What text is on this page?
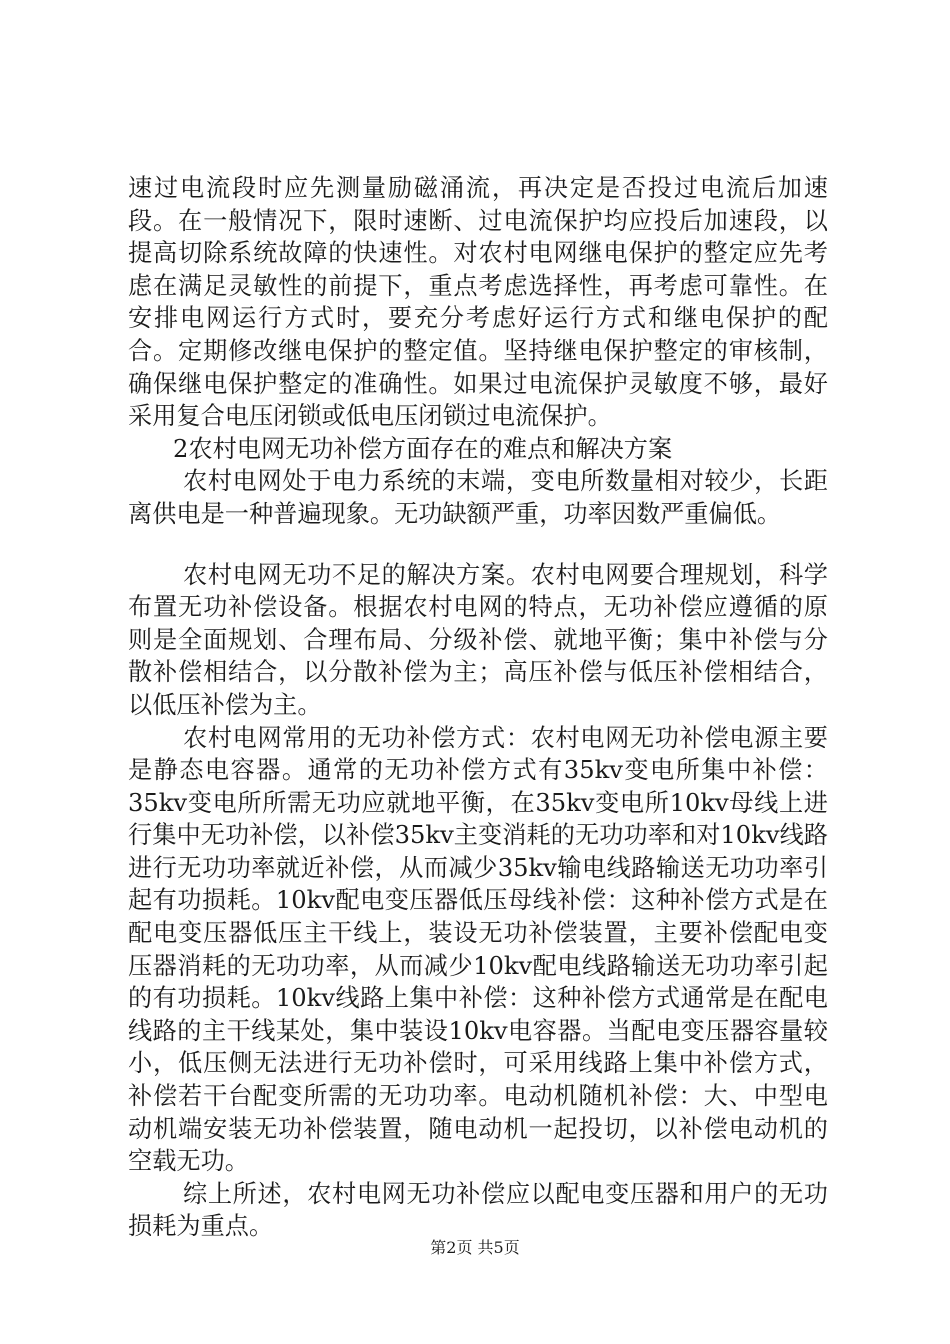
速过电流段时应先测量励磁涌流，再决定是否投过电流后加速段。在一般情况下，限时速断、过电流保护均应投后加速段，以提高切除系统故障的快速性。对农村电网继电保护的整定应先考虑在满足灵敏性的前提下，重点考虑选择性，再考虑可靠性。在安排电网运行方式时，要充分考虑好运行方式和继电保护的配合。定期修改继电保护的整定值。坚持继电保护整定的审核制，确保继电保护整定的准确性。如果过电流保护灵敏度不够，最好采用复合电压闭锁或低电压闭锁过电流保护。

2农村电网无功补偿方面存在的难点和解决方案

农村电网处于电力系统的末端，变电所数量相对较少，长距离供电是一种普遍现象。无功缺额严重，功率因数严重偏低。

农村电网无功不足的解决方案。农村电网要合理规划，科学布置无功补偿设备。根据农村电网的特点，无功补偿应遵循的原则是全面规划、合理布局、分级补偿、就地平衡；集中补偿与分散补偿相结合，以分散补偿为主；高压补偿与低压补偿相结合，以低压补偿为主。

农村电网常用的无功补偿方式：农村电网无功补偿电源主要是静态电容器。通常的无功补偿方式有35kv变电所集中补偿：35kv变电所所需无功应就地平衡，在35kv变电所10kv母线上进行集中无功补偿，以补偿35kv主变消耗的无功功率和对10kv线路进行无功功率就近补偿，从而减少35kv输电线路输送无功功率引起有功损耗。10kv配电变压器低压母线补偿：这种补偿方式是在配电变压器低压主干线上，装设无功补偿装置，主要补偿配电变压器消耗的无功功率，从而减少10kv配电线路输送无功功率引起的有功损耗。10kv线路上集中补偿：这种补偿方式通常是在配电线路的主干线某处，集中装设10kv电容器。当配电变压器容量较小，低压侧无法进行无功补偿时，可采用线路上集中补偿方式，补偿若干台配变所需的无功功率。电动机随机补偿：大、中型电动机端安装无功补偿装置，随电动机一起投切，以补偿电动机的空载无功。

综上所述，农村电网无功补偿应以配电变压器和用户的无功损耗为重点。

第2页 共5页
